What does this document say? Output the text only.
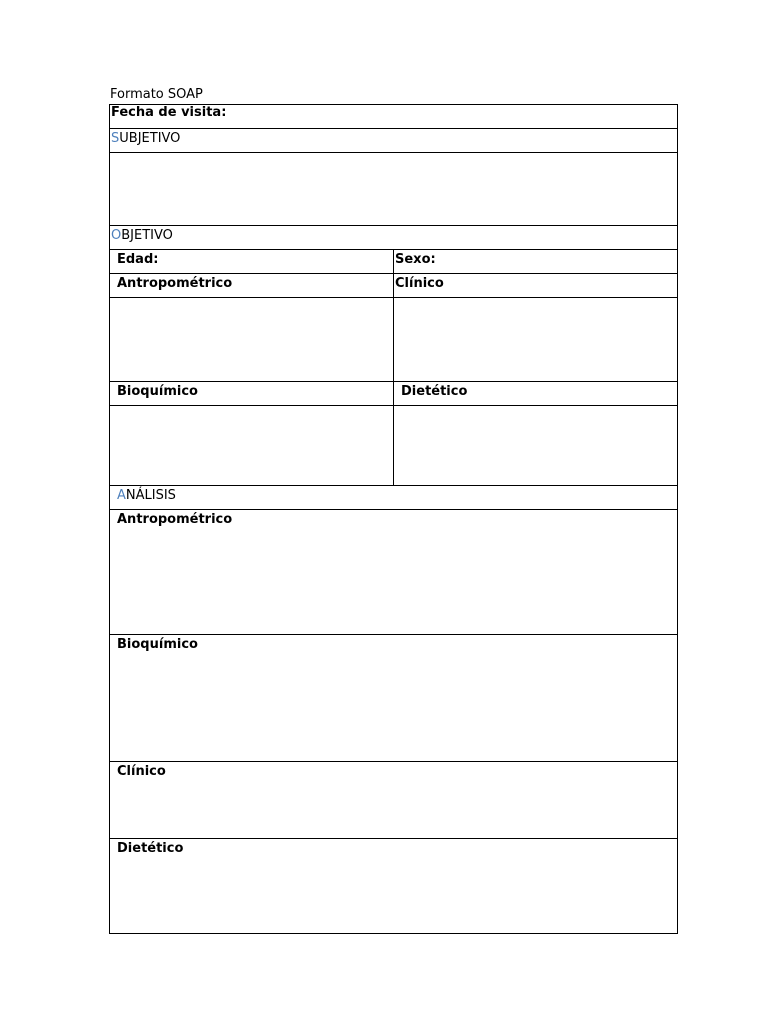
Formato SOAP
Fecha de visita:
SUBJETIVO
OBJETIVO
Edad:	Sexo:
Antropométrico	Clínico
Bioquímico	Dietético
ANÁLISIS
Antropométrico
Bioquímico
Clínico
Dietético
